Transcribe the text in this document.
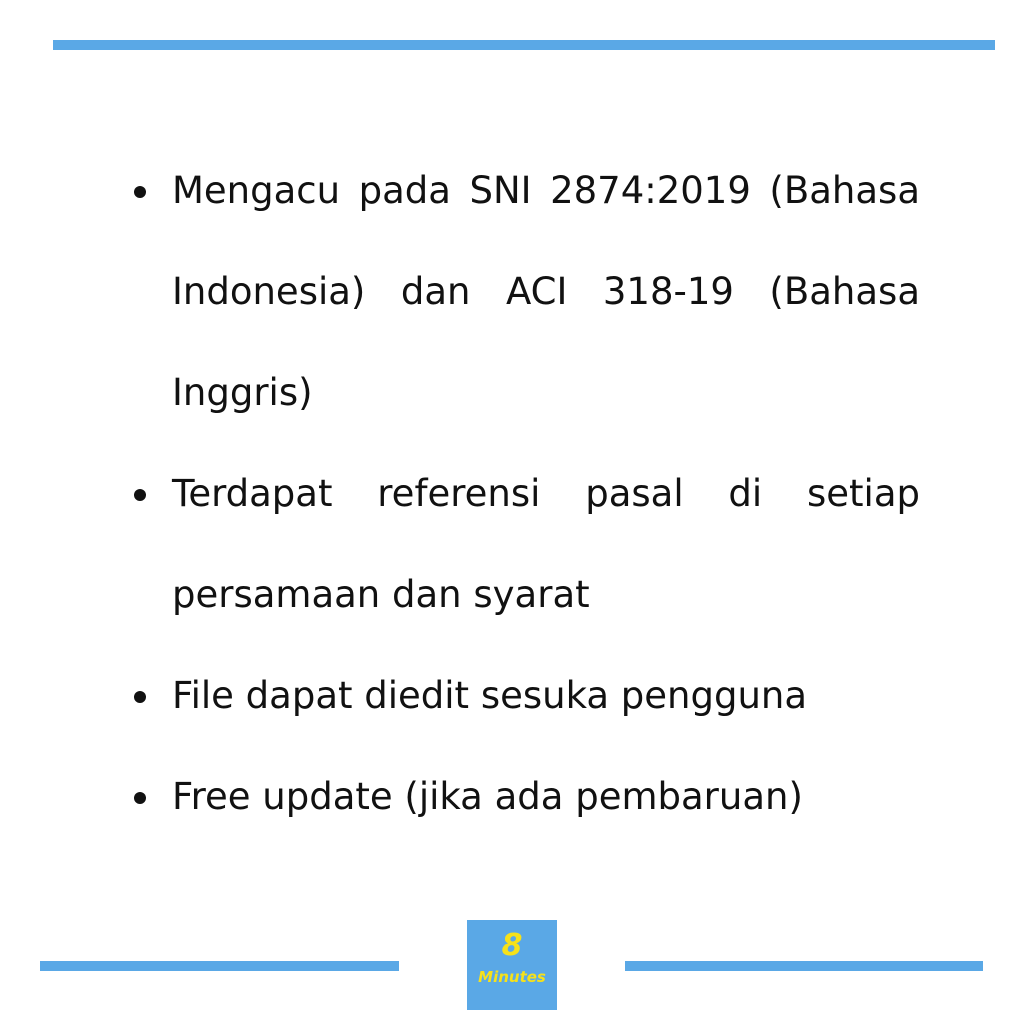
Mengacu pada SNI 2874:2019 (Bahasa Indonesia) dan ACI 318-19 (Bahasa Inggris)
Terdapat referensi pasal di setiap persamaan dan syarat
File dapat diedit sesuka pengguna
Free update (jika ada pembaruan)
8
Minutes
